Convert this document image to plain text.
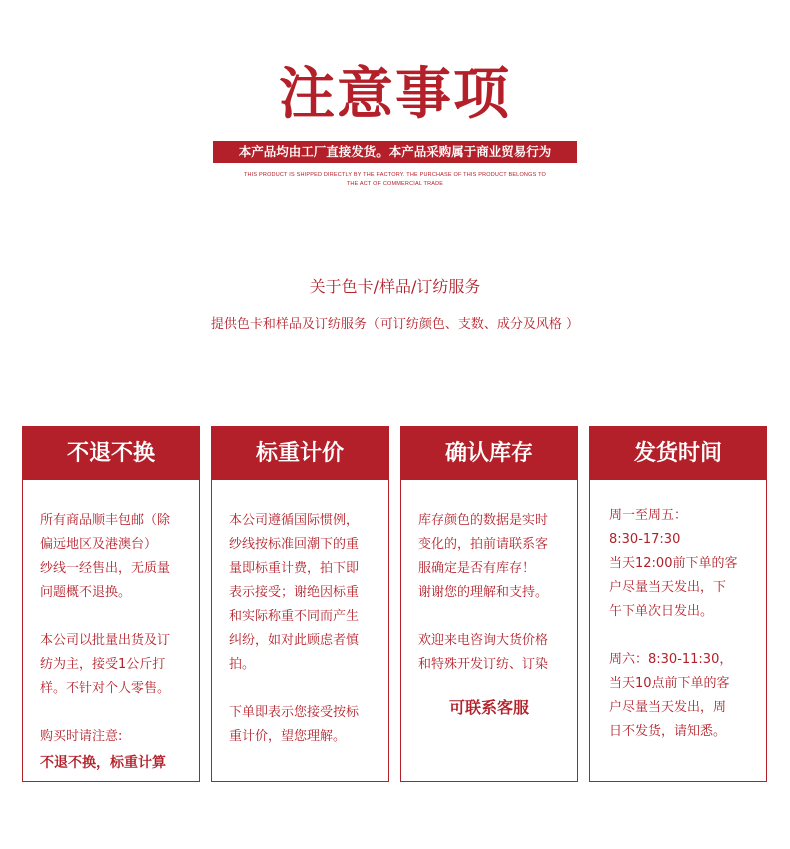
注意事项
本产品均由工厂直接发货。本产品采购属于商业贸易行为
THIS PRODUCT IS SHIPPED DIRECTLY BY THE FACTORY. THE PURCHASE OF THIS PRODUCT BELONGS TO
THE ACT OF COMMERCIAL TRADE
关于色卡/样品/订纺服务
提供色卡和样品及订纺服务（可订纺颜色、支数、成分及风格 ）
不退不换

所有商品顺丰包邮（除

偏远地区及港澳台）

纱线一经售出，无质量

问题概不退换。

本公司以批量出货及订

纺为主，接受1公斤打

样。不针对个人零售。

购买时请注意:

不退不换，标重计算

标重计价

本公司遵循国际惯例，

纱线按标准回潮下的重

量即标重计费，拍下即

表示接受；谢绝因标重

和实际称重不同而产生

纠纷，如对此顾虑者慎

拍。

下单即表示您接受按标

重计价，望您理解。

确认库存

库存颜色的数据是实时

变化的，拍前请联系客

服确定是否有库存！

谢谢您的理解和支持。

欢迎来电咨询大货价格

和特殊开发订纺、订染

可联系客服

发货时间

周一至周五：

8:30-17:30

当天12:00前下单的客

户尽量当天发出，下

午下单次日发出。

周六：8:30-11:30，

当天10点前下单的客

户尽量当天发出，周

日不发货，请知悉。
